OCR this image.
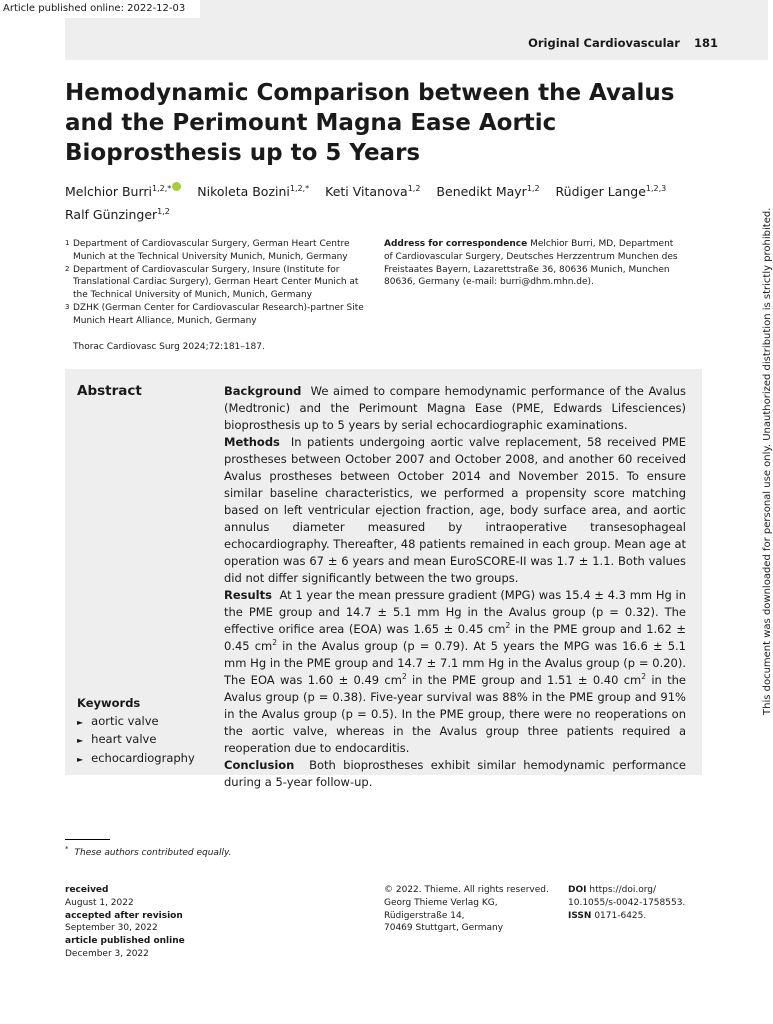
Article published online: 2022-12-03
Original Cardiovascular 181
Hemodynamic Comparison between the Avalus and the Perimount Magna Ease Aortic Bioprosthesis up to 5 Years
Melchior Burri$^{1,2,*}$ Nikoleta Bozini$^{1,2,*}$ Keti Vitanova$^{1,2}$ Benedikt Mayr$^{1,2}$ Rüdiger Lange$^{1,2,3}$
Ralf Günzinger$^{1,2}$
1 Department of Cardiovascular Surgery, German Heart Centre Munich at the Technical University Munich, Munich, Germany
2 Department of Cardiovascular Surgery, Insure (Institute for Translational Cardiac Surgery), German Heart Center Munich at the Technical University of Munich, Munich, Germany
3 DZHK (German Center for Cardiovascular Research)-partner Site Munich Heart Alliance, Munich, Germany
Address for correspondence Melchior Burri, MD, Department of Cardiovascular Surgery, Deutsches Herzzentrum Munchen des Freistaates Bayern, Lazarettstraße 36, 80636 Munich, Munchen 80636, Germany (e-mail: burri@dhm.mhn.de).
Thorac Cardiovasc Surg 2024;72:181–187.
Abstract	Background We aimed to compare hemodynamic performance of the Avalus (Medtronic) and the Perimount Magna Ease (PME, Edwards Lifesciences) bioprosthesis up to 5 years by serial echocardiographic examinations.
Methods In patients undergoing aortic valve replacement, 58 received PME prostheses between October 2007 and October 2008, and another 60 received Avalus prostheses between October 2014 and November 2015. To ensure similar baseline characteristics, we performed a propensity score matching based on left ventricular ejection fraction, age, body surface area, and aortic annulus diameter measured by intraoperative transesophageal echocardiography. Thereafter, 48 patients remained in each group. Mean age at operation was 67 ± 6 years and mean EuroSCORE-II was 1.7 ± 1.1. Both values did not differ significantly between the two groups.
Results At 1 year the mean pressure gradient (MPG) was 15.4 ± 4.3 mm Hg in the PME group and 14.7 ± 5.1 mm Hg in the Avalus group (p = 0.32). The effective orifice area (EOA) was 1.65 ± 0.45 $cm^2$ in the PME group and 1.62 ± 0.45 $cm^2$ in the Avalus group (p = 0.79). At 5 years the MPG was 16.6 ± 5.1 mm Hg in the PME group and 14.7 ± 7.1 mm Hg in the Avalus group (p = 0.20). The EOA was 1.60 ± 0.49 $cm^2$ in the PME group and 1.51 ± 0.40 $cm^2$ in the Avalus group (p = 0.38). Five-year survival was 88% in the PME group and 91% in the Avalus group (p = 0.5). In the PME group, there were no reoperations on the aortic valve, whereas in the Avalus group three patients required a reoperation due to endocarditis.
Conclusion Both bioprostheses exhibit similar hemodynamic performance during a 5-year follow-up.
Keywords
► aortic valve
► heart valve
► echocardiography
* These authors contributed equally.
received
August 1, 2022
accepted after revision
September 30, 2022
article published online
December 3, 2022
© 2022. Thieme. All rights reserved.
Georg Thieme Verlag KG,
Rüdigerstraße 14,
70469 Stuttgart, Germany
DOI https://doi.org/
10.1055/s-0042-1758553.
ISSN 0171-6425.
This document was downloaded for personal use only. Unauthorized distribution is strictly prohibited.
